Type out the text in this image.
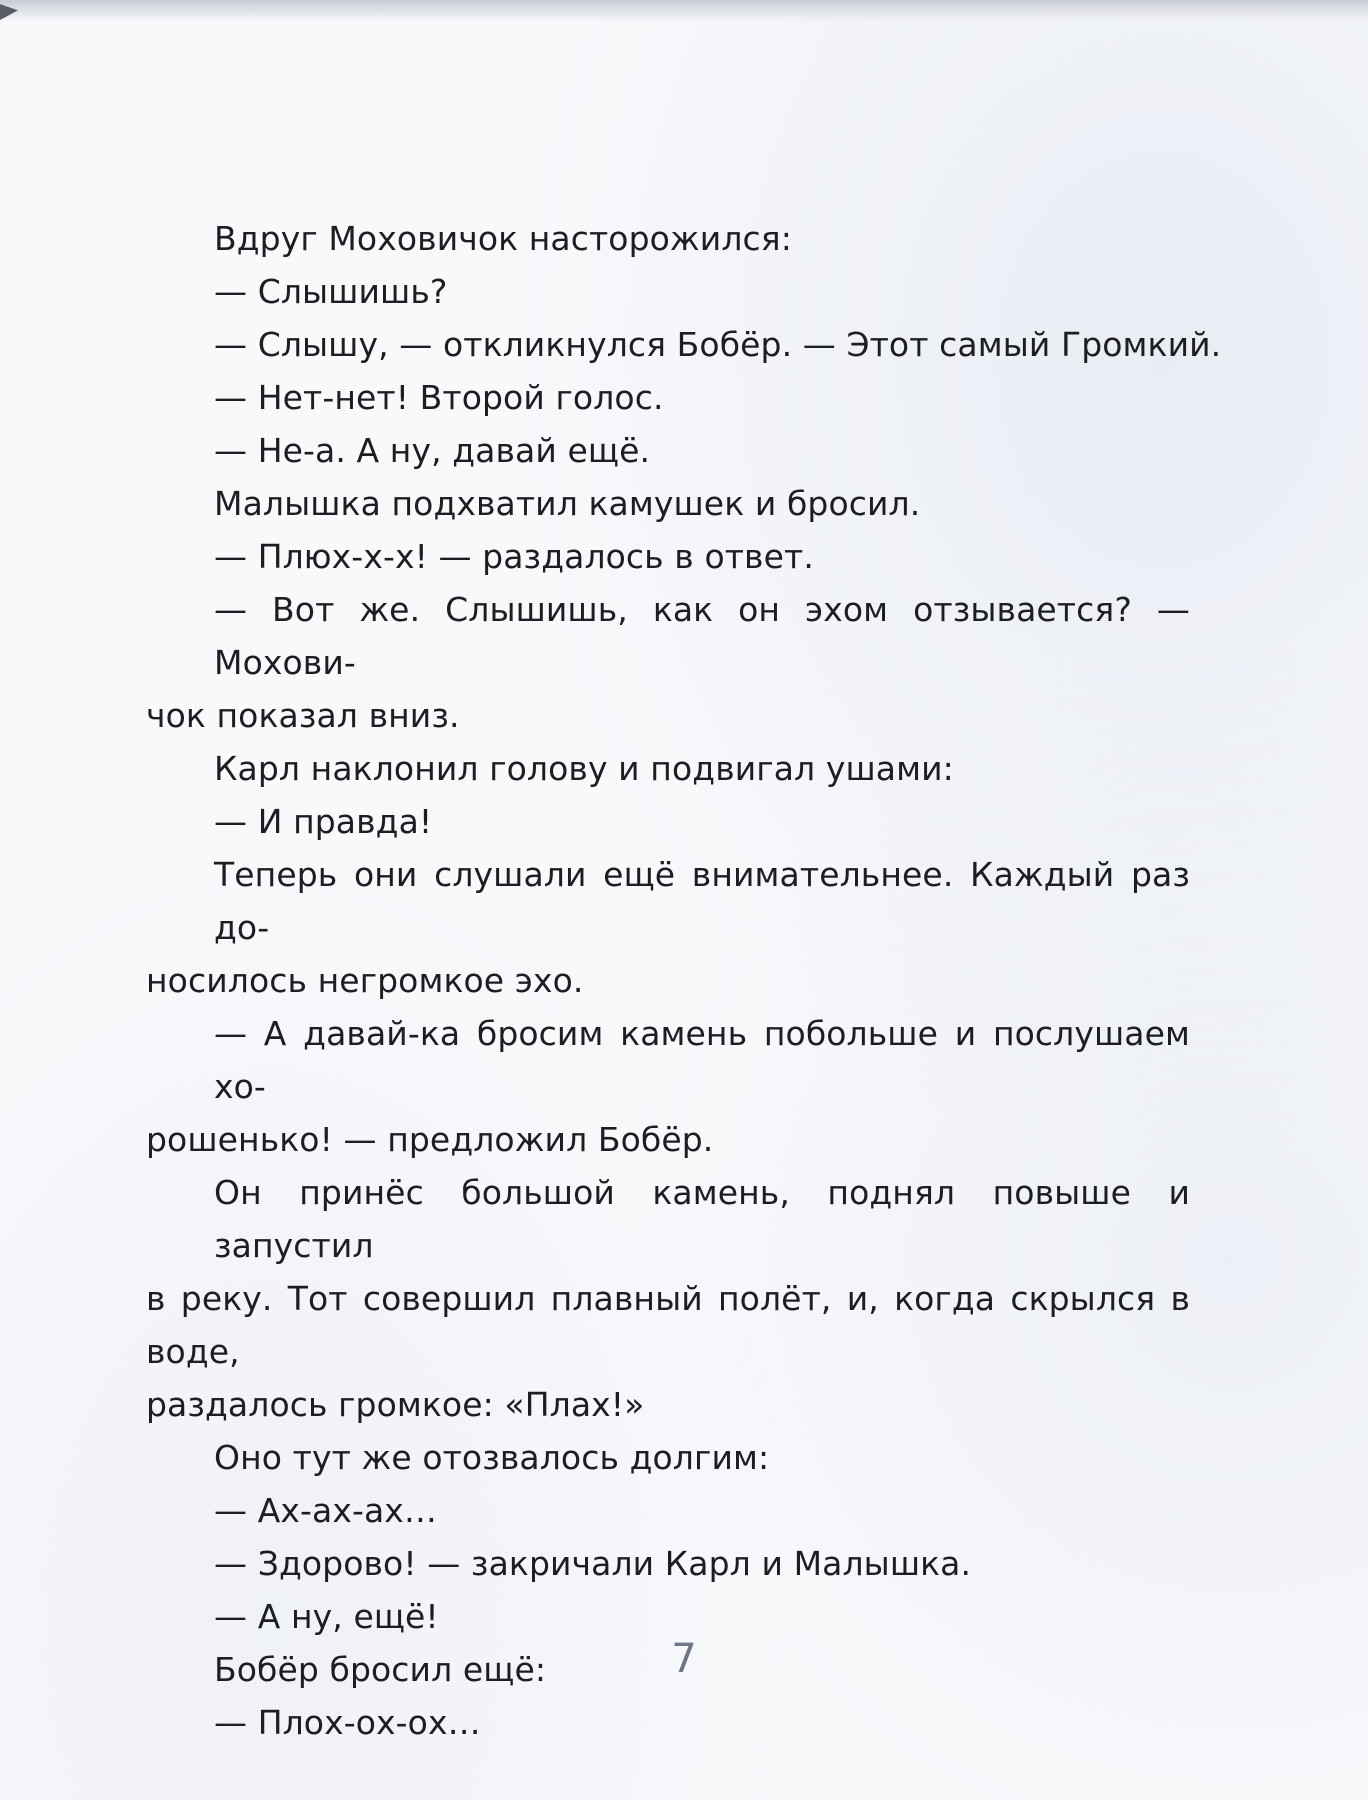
Вдруг Моховичок насторожился:

— Слышишь?

— Слышу, — откликнулся Бобёр. — Этот самый Громкий.

— Нет-нет! Второй голос.

— Не-а. А ну, давай ещё.

Малышка подхватил камушек и бросил.

— Плюх-х-х! — раздалось в ответ.

— Вот же. Слышишь, как он эхом отзывается? — Мохови-

чок показал вниз.

Карл наклонил голову и подвигал ушами:

— И правда!

Теперь они слушали ещё внимательнее. Каждый раз до-

носилось негромкое эхо.

— А давай-ка бросим камень побольше и послушаем хо-

рошенько! — предложил Бобёр.

Он принёс большой камень, поднял повыше и запустил

в реку. Тот совершил плавный полёт, и, когда скрылся в воде,

раздалось громкое: «Плах!»

Оно тут же отозвалось долгим:

— Ах-ах-ах…

— Здорово! — закричали Карл и Малышка.

— А ну, ещё!

Бобёр бросил ещё:

— Плох-ох-ох…

7
